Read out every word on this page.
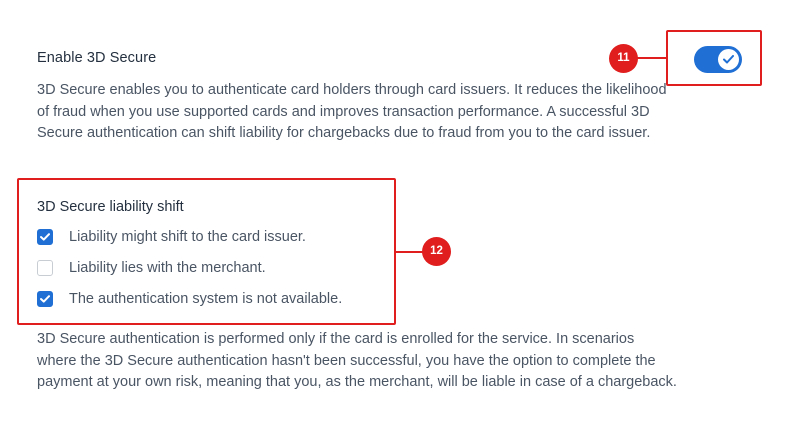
Enable 3D Secure
3D Secure enables you to authenticate card holders through card issuers. It reduces the likelihood of fraud when you use supported cards and improves transaction performance. A successful 3D Secure authentication can shift liability for chargebacks due to fraud from you to the card issuer.
11
12
3D Secure liability shift
Liability might shift to the card issuer.
Liability lies with the merchant.
The authentication system is not available.
3D Secure authentication is performed only if the card is enrolled for the service. In scenarios where the 3D Secure authentication hasn't been successful, you have the option to complete the payment at your own risk, meaning that you, as the merchant, will be liable in case of a chargeback.
